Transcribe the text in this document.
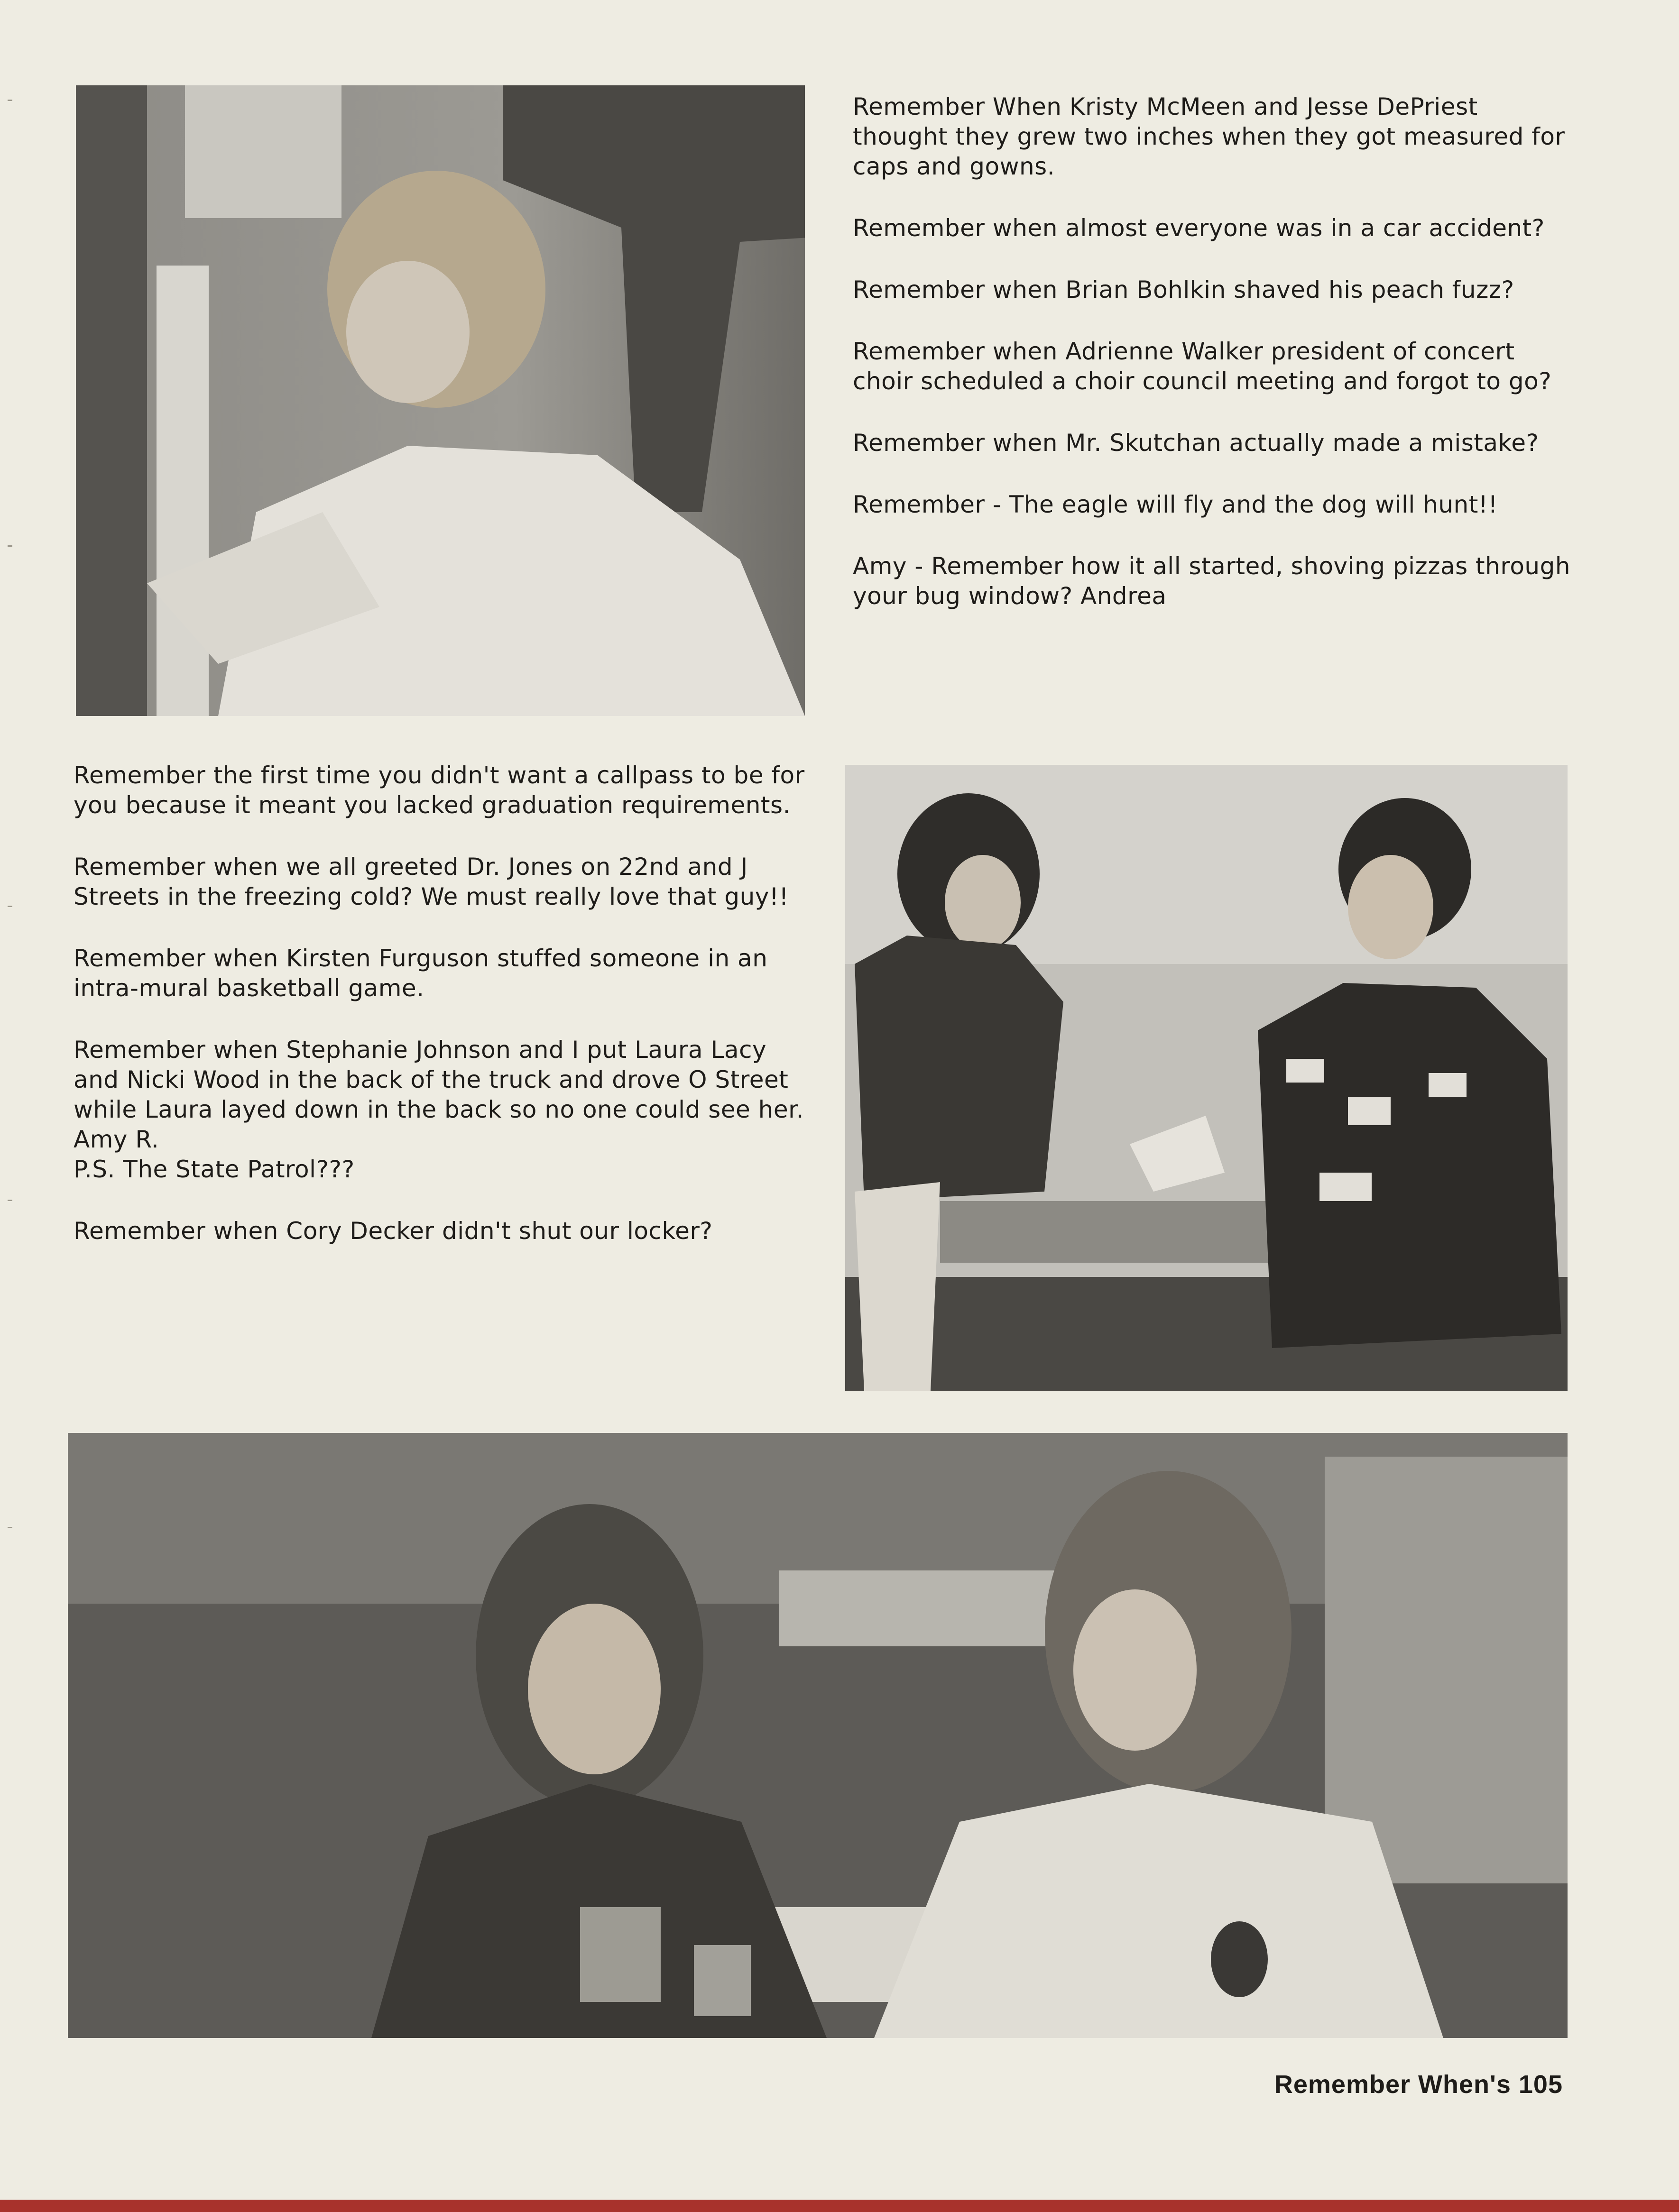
Remember When Kristy McMeen and Jesse DePriest thought they grew two inches when they got measured for caps and gowns.

Remember when almost everyone was in a car accident?

Remember when Brian Bohlkin shaved his peach fuzz?

Remember when Adrienne Walker president of concert choir scheduled a choir council meeting and forgot to go?

Remember when Mr. Skutchan actually made a mistake?

Remember - The eagle will fly and the dog will hunt!!

Amy - Remember how it all started, shoving pizzas through your bug window? Andrea

Remember the first time you didn't want a callpass to be for you because it meant you lacked graduation requirements.

Remember when we all greeted Dr. Jones on 22nd and J Streets in the freezing cold? We must really love that guy!!

Remember when Kirsten Furguson stuffed someone in an intra-mural basketball game.

Remember when Stephanie Johnson and I put Laura Lacy and Nicki Wood in the back of the truck and drove O Street while Laura layed down in the back so no one could see her. Amy R.
P.S. The State Patrol???

Remember when Cory Decker didn't shut our locker?

Remember When's 105
